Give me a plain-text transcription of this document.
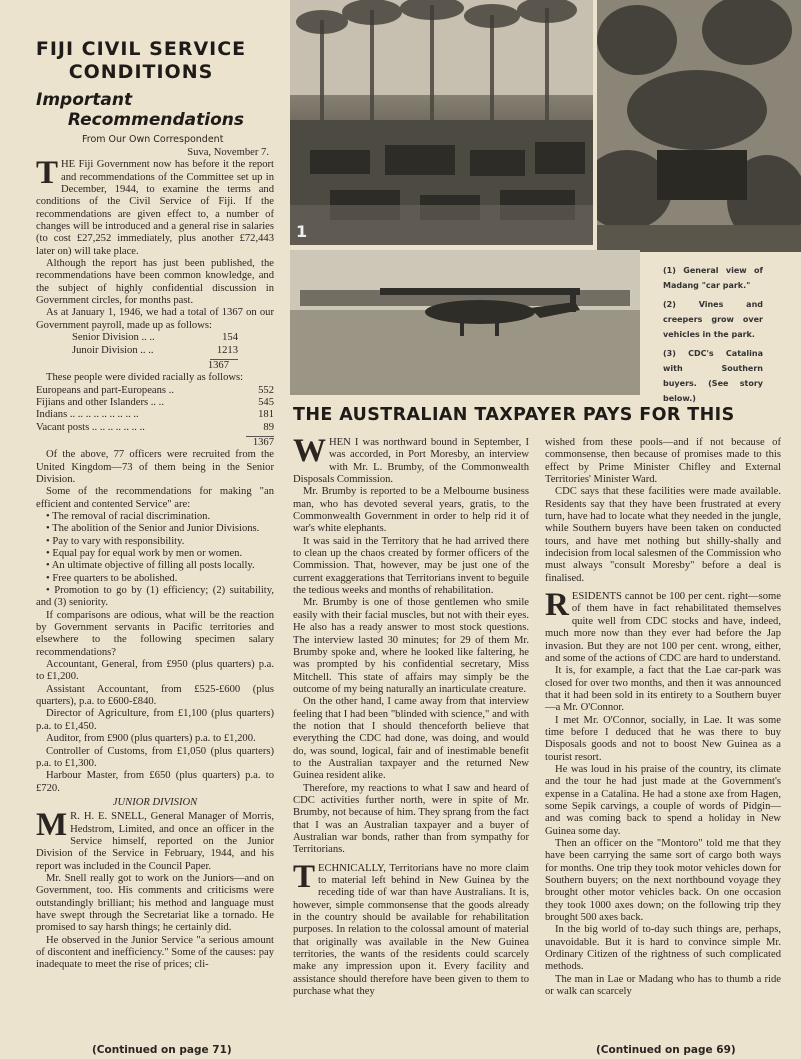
FIJI CIVIL SERVICE
CONDITIONS
Important
Recommendations
From Our Own Correspondent

Suva, November 7.

THE Fiji Government now has before it the report and recommendations of the Committee set up in December, 1944, to examine the terms and conditions of the Civil Service of Fiji. If the recommendations are given effect to, a number of changes will be introduced and a general rise in salaries (to cost £27,252 immediately, plus another £72,443 later on) will take place.

Although the report has just been published, the recommendations have been common knowledge, and the subject of highly confidential discussion in Government circles, for months past.

As at January 1, 1946, we had a total of 1367 on our Government payroll, made up as follows:

Senior Division .. ..	154
Junoir Division .. ..	1213
1367

These people were divided racially as follows:

Europeans and part-Europeans ..	552
Fijians and other Islanders .. ..	545
Indians .. .. .. .. .. .. .. .. ..	181
Vacant posts .. .. .. .. .. .. ..	89
1367

Of the above, 77 officers were recruited from the United Kingdom—73 of them being in the Senior Division.

Some of the recommendations for making "an efficient and contented Service" are:

• The removal of racial discrimination.

• The abolition of the Senior and Junior Divisions.

• Pay to vary with responsibility.

• Equal pay for equal work by men or women.

• An ultimate objective of filling all posts locally.

• Free quarters to be abolished.

• Promotion to go by (1) efficiency; (2) suitability, and (3) seniority.

If comparisons are odious, what will be the reaction by Government servants in Pacific territories and elsewhere to the following specimen salary recommendations?

Accountant, General, from £950 (plus quarters) p.a. to £1,200.

Assistant Accountant, from £525-£600 (plus quarters), p.a. to £600-£840.

Director of Agriculture, from £1,100 (plus quarters) p.a. to £1,450.

Auditor, from £900 (plus quarters) p.a. to £1,200.

Controller of Customs, from £1,050 (plus quarters) p.a. to £1,300.

Harbour Master, from £650 (plus quarters) p.a. to £720.

JUNIOR DIVISION

M R. H. E. SNELL, General Manager of Morris, Hedstrom, Limited, and once an officer in the Service himself, reported on the Junior Division of the Service in February, 1944, and his report was included in the Council Paper.

Mr. Snell really got to work on the Juniors—and on Government, too. His comments and criticisms were outstandingly brilliant; his method and language must have swept through the Secretariat like a tornado. He promised to say harsh things; he certainly did.

He observed in the Junior Service "a serious amount of discontent and inefficiency." Some of the causes: pay inadequate to meet the rise of prices; cli-

(Continued on page 71)
1
(1) General view of Madang "car park."
(2) Vines and creepers grow over vehicles in the park.
(3) CDC's Catalina with Southern buyers. (See story below.)
THE AUSTRALIAN TAXPAYER PAYS FOR THIS

WHEN I was northward bound in September, I was accorded, in Port Moresby, an interview with Mr. L. Brumby, of the Commonwealth Disposals Commission.

Mr. Brumby is reported to be a Melbourne business man, who has devoted several years, gratis, to the Commonwealth Government in order to help rid it of war's white elephants.

It was said in the Territory that he had arrived there to clean up the chaos created by former officers of the Commission. That, however, may be just one of the current exaggerations that Territorians invent to beguile the tedious weeks and months of rehabilitation.

Mr. Brumby is one of those gentlemen who smile easily with their facial muscles, but not with their eyes. He also has a ready answer to most stock questions. The interview lasted 30 minutes; for 29 of them Mr. Brumby spoke and, where he looked like faltering, he was prompted by his confidential secretary, Miss Mitchell. This state of affairs may simply be the outcome of my being naturally an inarticulate creature.

On the other hand, I came away from that interview feeling that I had been "blinded with science," and with the notion that I should thenceforth believe that everything the CDC had done, was doing, and would do, was sound, logical, fair and of inestimable benefit to the Australian taxpayer and the returned New Guinea resident alike.

Therefore, my reactions to what I saw and heard of CDC activities further north, were in spite of Mr. Brumby, not because of him. They sprang from the fact that I was an Australian taxpayer and a buyer of Australian war bonds, rather than from sympathy for Territorians.

TECHNICALLY, Territorians have no more claim to material left behind in New Guinea by the receding tide of war than have Australians. It is, however, simple commonsense that the goods already in the country should be available for rehabilitation purposes. In relation to the colossal amount of material that originally was available in the New Guinea territories, the wants of the residents could scarcely make any impression upon it. Every facility and assistance should therefore have been given to them to purchase what they

wished from these pools—and if not because of commonsense, then because of promises made to this effect by Prime Minister Chifley and External Territories' Minister Ward.

CDC says that these facilities were made available. Residents say that they have been frustrated at every turn, have had to locate what they needed in the jungle, while Southern buyers have been taken on conducted tours, and have met nothing but shilly-shally and indecision from local salesmen of the Commission who must always "consult Moresby" before a deal is finalised.

RESIDENTS cannot be 100 per cent. right—some of them have in fact rehabilitated themselves quite well from CDC stocks and have, indeed, much more now than they ever had before the Jap invasion. But they are not 100 per cent. wrong, either, and some of the actions of CDC are hard to understand.

It is, for example, a fact that the Lae car-park was closed for over two months, and then it was announced that it had been sold in its entirety to a Southern buyer—a Mr. O'Connor.

I met Mr. O'Connor, socially, in Lae. It was some time before I deduced that he was there to buy Disposals goods and not to boost New Guinea as a tourist resort.

He was loud in his praise of the country, its climate and the tour he had just made at the Government's expense in a Catalina. He had a stone axe from Hagen, some Sepik carvings, a couple of words of Pidgin—and was coming back to spend a holiday in New Guinea some day.

Then an officer on the "Montoro" told me that they have been carrying the same sort of cargo both ways for months. One trip they took motor vehicles down for Southern buyers; on the next northbound voyage they brought other motor vehicles back. On one occasion they took 1000 axes down; on the following trip they brought 500 axes back.

In the big world of to-day such things are, perhaps, unavoidable. But it is hard to convince simple Mr. Ordinary Citizen of the rightness of such complicated methods.

The man in Lae or Madang who has to thumb a ride or walk can scarcely

(Continued on page 69)
